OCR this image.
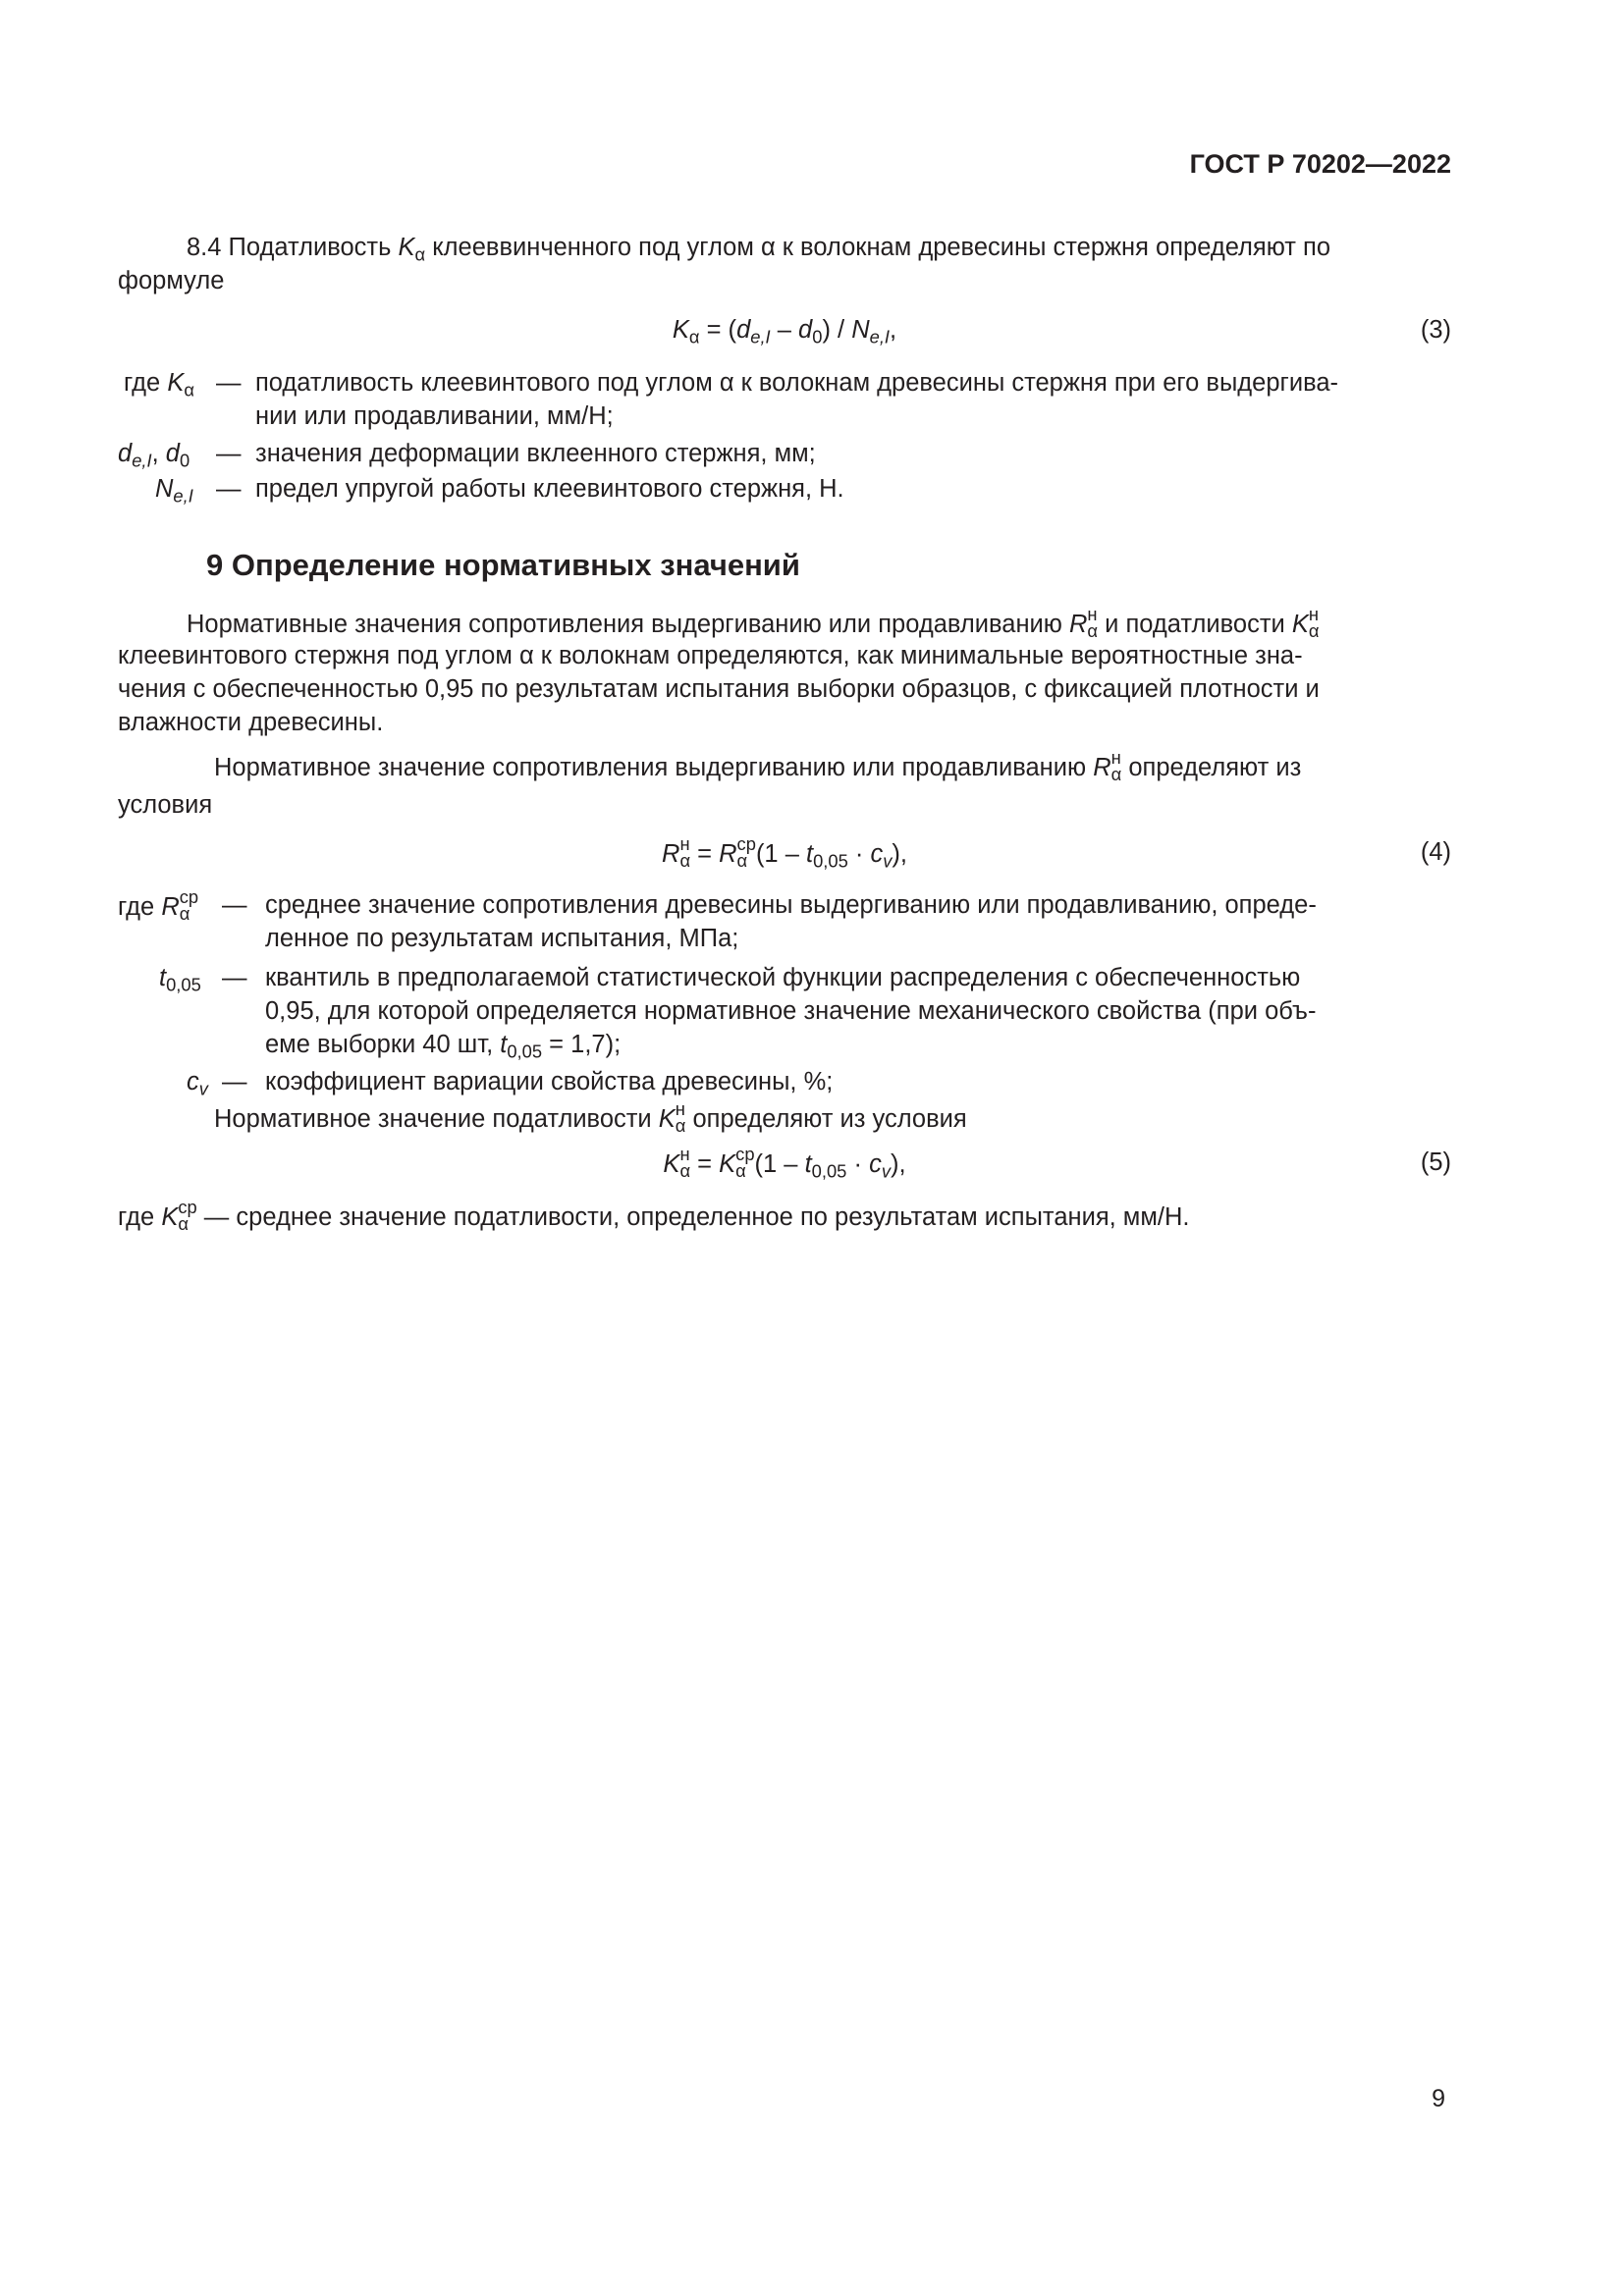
ГОСТ Р 70202—2022
8.4 Податливость $K_\alpha$ клееввинченного под углом α к волокнам древесины стержня определяют по
формуле
$K_\alpha = (d_{e,I} - d_0) / N_{e,I}$,	(3)
где $K_\alpha$ — податливость клеевинтового под углом α к волокнам древесины стержня при его выдергива-
нии или продавливании, мм/Н;
$d_{e,I}$, $d_0$ — значения деформации вклеенного стержня, мм;
$N_{e,I}$ — предел упругой работы клеевинтового стержня, Н.
9 Определение нормативных значений
Нормативные значения сопротивления выдергиванию или продавливанию R н
α и податливости K н
α
клеевинтового стержня под углом α к волокнам определяются, как минимальные вероятностные зна-
чения с обеспеченностью 0,95 по результатам испытания выборки образцов, с фиксацией плотности и
влажности древесины.
Нормативное значение сопротивления выдергиванию или продавливанию R н
α определяют из
условия
R н
α = R ср
α $(1 - t_{0,05} \cdot c_v)$,	(4)
где R ср
α	— среднее значение сопротивления древесины выдергиванию или продавливанию, опреде-
ленное по результатам испытания, МПа;
$t_{0,05}$ — квантиль в предполагаемой статистической функции распределения с обеспеченностью
0,95, для которой определяется нормативное значение механического свойства (при объ-
еме выборки 40 шт, $t_{0,05} = 1,7$);
$c_v$ — коэффициент вариации свойства древесины, %;
Нормативное значение податливости K н
α определяют из условия
K н
α = K ср
α $(1 - t_{0,05} \cdot c_v)$,	(5)
где K ср
α — среднее значение податливости, определенное по результатам испытания, мм/Н.
9
